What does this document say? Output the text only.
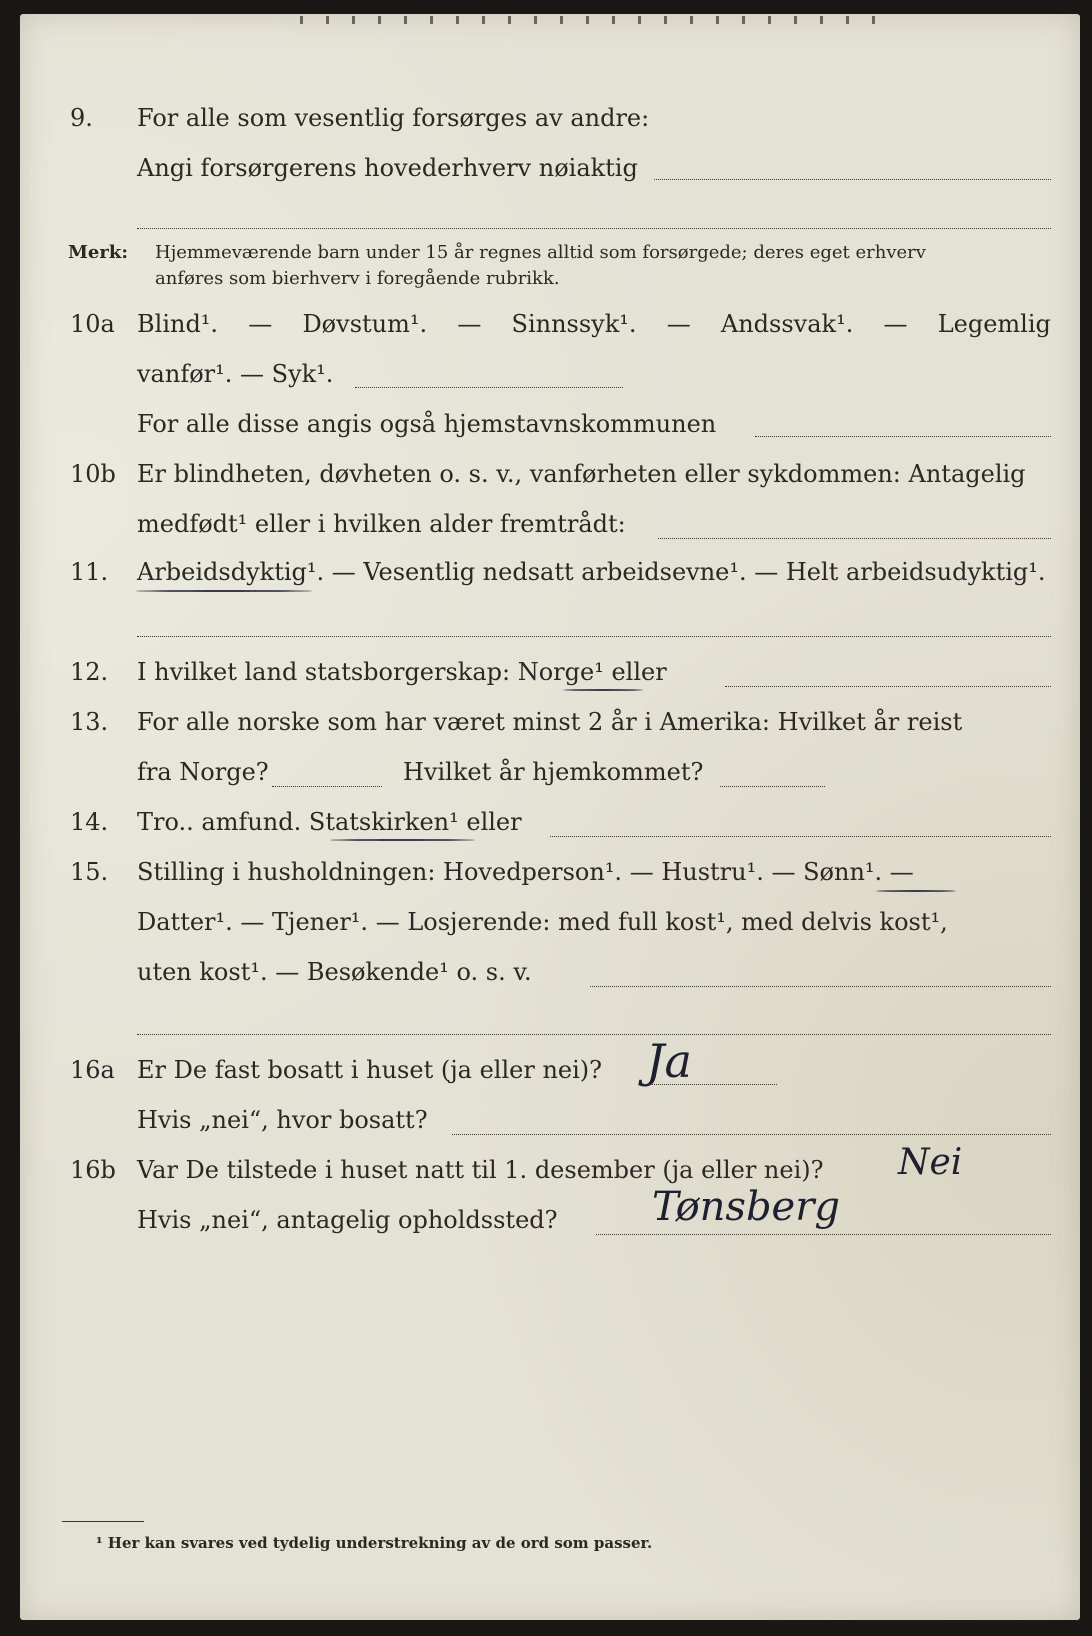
9. For alle som vesentlig forsørges av andre:
Angi forsørgerens hovederhverv nøiaktig
Merk: Hjemmeværende barn under 15 år regnes alltid som forsørgede; deres eget erhverv
anføres som bierhverv i foregående rubrikk.
10a Blind¹. — Døvstum¹. — Sinnssyk¹. — Andssvak¹. — Legemlig
vanfør¹. — Syk¹.
For alle disse angis også hjemstavnskommunen
10b Er blindheten, døvheten o. s. v., vanførheten eller sykdommen: Antagelig
medfødt¹ eller i hvilken alder fremtrådt:
11. Arbeidsdyktig¹. — Vesentlig nedsatt arbeidsevne¹. — Helt arbeidsudyktig¹.
12. I hvilket land statsborgerskap: Norge¹ eller
13. For alle norske som har været minst 2 år i Amerika: Hvilket år reist
fra Norge?	Hvilket år hjemkommet?
14. Tro.. amfund. Statskirken¹ eller
15. Stilling i husholdningen: Hovedperson¹. — Hustru¹. — Sønn¹. —
Datter¹. — Tjener¹. — Losjerende: med full kost¹, med delvis kost¹,
uten kost¹. — Besøkende¹ o. s. v.
16a Er De fast bosatt i huset (ja eller nei)? Ja
Hvis „nei“, hvor bosatt?
16b Var De tilstede i huset natt til 1. desember (ja eller nei)? Nei
Hvis „nei“, antagelig opholdssted? Tønsberg
¹ Her kan svares ved tydelig understrekning av de ord som passer.
